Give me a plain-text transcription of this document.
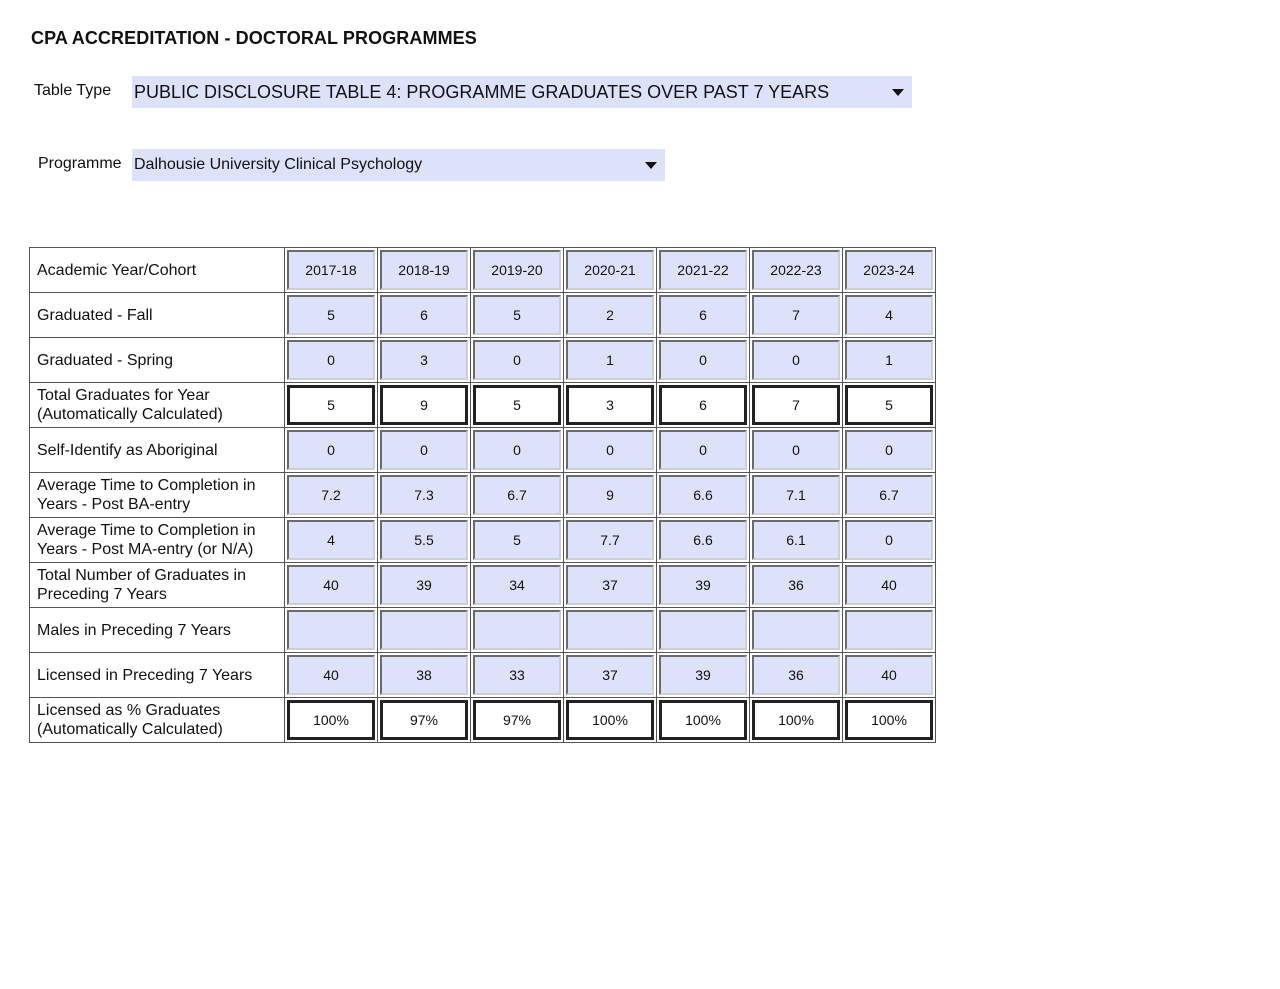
CPA ACCREDITATION - DOCTORAL PROGRAMMES
Table Type PUBLIC DISCLOSURE TABLE 4: PROGRAMME GRADUATES OVER PAST 7 YEARS
Programme Dalhousie University Clinical Psychology
Academic Year/Cohort	2017-18	2018-19	2019-20	2020-21	2021-22	2022-23	2023-24

Graduated - Fall	5	6	5	2	6	7	4

Graduated - Spring	0	3	0	1	0	0	1

Total Graduates for Year (Automatically Calculated)	5	9	5	3	6	7	5

Self-Identify as Aboriginal	0	0	0	0	0	0	0

Average Time to Completion in Years - Post BA-entry	7.2	7.3	6.7	9	6.6	7.1	6.7

Average Time to Completion in Years - Post MA-entry (or N/A)	4	5.5	5	7.7	6.6	6.1	0

Total Number of Graduates in Preceding 7 Years	40	39	34	37	39	36	40

Males in Preceding 7 Years	

Licensed in Preceding 7 Years	40	38	33	37	39	36	40

Licensed as % Graduates (Automatically Calculated)	100%	97%	97%	100%	100%	100%	100%
